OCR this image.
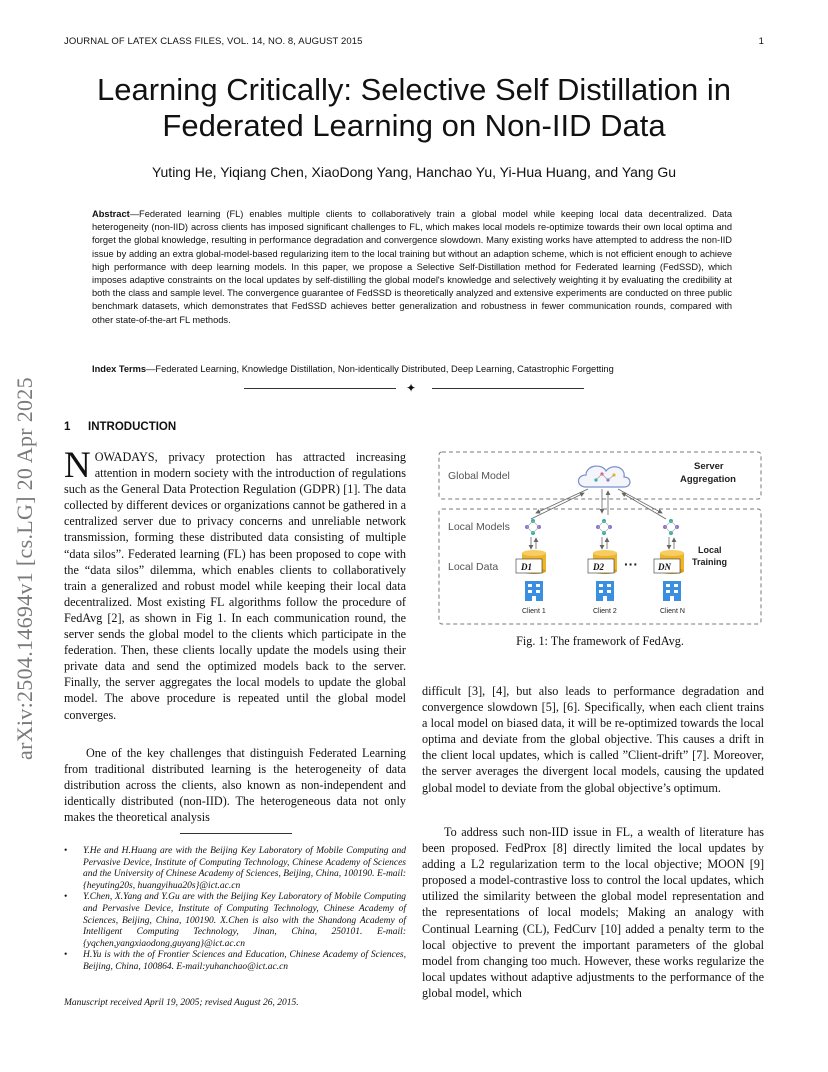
JOURNAL OF LATEX CLASS FILES, VOL. 14, NO. 8, AUGUST 2015	1
Learning Critically: Selective Self Distillation in Federated Learning on Non-IID Data
Yuting He, Yiqiang Chen, XiaoDong Yang, Hanchao Yu, Yi-Hua Huang, and Yang Gu

Abstract—Federated learning (FL) enables multiple clients to collaboratively train a global model while keeping local data decentralized. Data heterogeneity (non-IID) across clients has imposed significant challenges to FL, which makes local models re-optimize towards their own local optima and forget the global knowledge, resulting in performance degradation and convergence slowdown. Many existing works have attempted to address the non-IID issue by adding an extra global-model-based regularizing item to the local training but without an adaption scheme, which is not efficient enough to achieve high performance with deep learning models. In this paper, we propose a Selective Self-Distillation method for Federated learning (FedSSD), which imposes adaptive constraints on the local updates by self-distilling the global model's knowledge and selectively weighting it by evaluating the credibility at both the class and sample level. The convergence guarantee of FedSSD is theoretically analyzed and extensive experiments are conducted on three public benchmark datasets, which demonstrates that FedSSD achieves better generalization and robustness in fewer communication rounds, compared with other state-of-the-art FL methods.

Index Terms—Federated Learning, Knowledge Distillation, Non-identically Distributed, Deep Learning, Catastrophic Forgetting

✦
arXiv:2504.14694v1 [cs.LG] 20 Apr 2025 1 INTRODUCTION

NOWADAYS, privacy protection has attracted increasing attention in modern society with the introduction of regulations such as the General Data Protection Regulation (GDPR) [1]. The data collected by different devices or organizations cannot be gathered in a centralized server due to privacy concerns and unreliable network transmission, forming these distributed data consisting of multiple “data silos”. Federated learning (FL) has been proposed to cope with the “data silos” dilemma, which enables clients to collaboratively train a generalized and robust model while keeping their local data decentralized. Most existing FL algorithms follow the procedure of FedAvg [2], as shown in Fig 1. In each communication round, the server sends the global model to the clients which participate in the federation. Then, these clients locally update the models using their private data and send the optimized models back to the server. Finally, the server aggregates the local models to update the global model. The above procedure is repeated until the global model converges.

One of the key challenges that distinguish Federated Learning from traditional distributed learning is the heterogeneity of data distribution across the clients, also known as non-independent and identically distributed (non-IID). The heterogeneous data not only makes the theoretical analysis

• Y.He and H.Huang are with the Beijing Key Laboratory of Mobile Computing and Pervasive Device, Institute of Computing Technology, Chinese Academy of Sciences and the University of Chinese Academy of Sciences, Beijing, China, 100190. E-mail: {heyuting20s, huangyihua20s}@ict.ac.cn
• Y.Chen, X.Yang and Y.Gu are with the Beijing Key Laboratory of Mobile Computing and Pervasive Device, Institute of Computing Technology, Chinese Academy of Sciences, Beijing, China, 100190. X.Chen is also with the Shandong Academy of Intelligent Computing Technology, Jinan, China, 250101. E-mail:{yqchen,yangxiaodong,guyang}@ict.ac.cn
• H.Yu is with the of Frontier Sciences and Education, Chinese Academy of Sciences, Beijing, China, 100864. E-mail:yuhanchao@ict.ac.cn
Manuscript received April 19, 2005; revised August 26, 2015.
Global Model
Server
Aggregation
Local Models
Local Data
Local
Training
D1	D2 ··· DN
Client 1	Client 2	Client N
Fig. 1: The framework of FedAvg.

difficult [3], [4], but also leads to performance degradation and convergence slowdown [5], [6]. Specifically, when each client trains a local model on biased data, it will be re-optimized towards the local optima and deviate from the global objective. This causes a drift in the client local updates, which is called ”Client-drift” [7]. Moreover, the server averages the divergent local models, causing the updated global model to deviate from the global objective’s optimum.

To address such non-IID issue in FL, a wealth of literature has been proposed. FedProx [8] directly limited the local updates by adding a L2 regularization term to the local objective; MOON [9] proposed a model-contrastive loss to control the local updates, which utilized the similarity between the global model representation and the representations of local models; Making an analogy with Continual Learning (CL), FedCurv [10] added a penalty term to the local objective to prevent the important parameters of the global model from changing too much. However, these works regularize the local updates without adaptive adjustments to the performance of the global model, which
